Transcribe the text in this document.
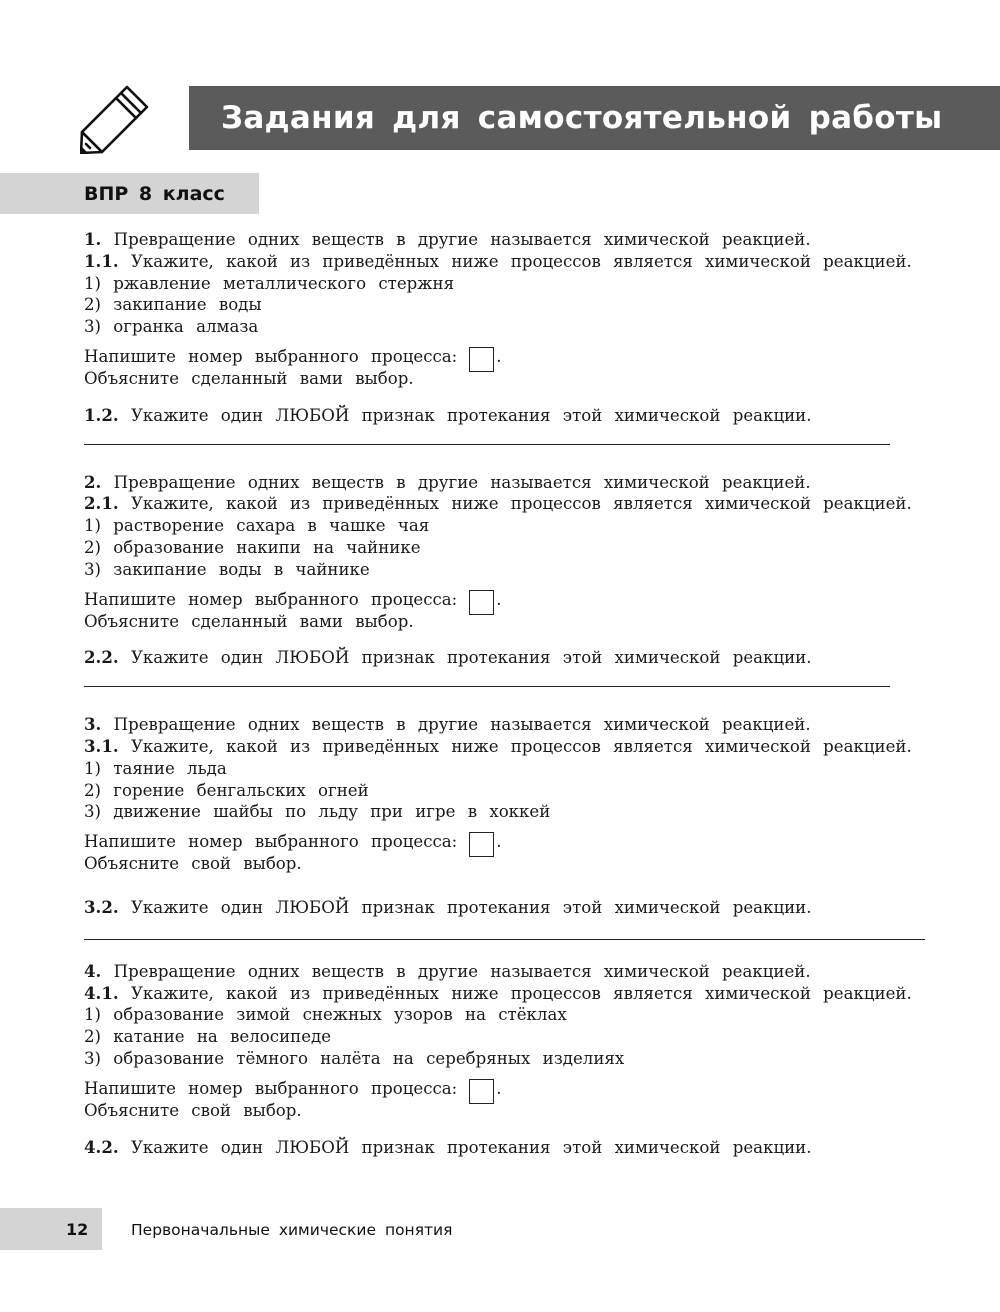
Задания для самостоятельной работы
ВПР 8 класс

1. Превращение одних веществ в другие называется химической реакцией.

1.1. Укажите, какой из приведённых ниже процессов является химической реакцией.

1) ржавление металлического стержня

2) закипание воды

3) огранка алмаза

Напишите номер выбранного процесса: .

Объясните сделанный вами выбор.

1.2. Укажите один ЛЮБОЙ признак протекания этой химической реакции.

2. Превращение одних веществ в другие называется химической реакцией.

2.1. Укажите, какой из приведённых ниже процессов является химической реакцией.

1) растворение сахара в чашке чая

2) образование накипи на чайнике

3) закипание воды в чайнике

Напишите номер выбранного процесса: .

Объясните сделанный вами выбор.

2.2. Укажите один ЛЮБОЙ признак протекания этой химической реакции.

3. Превращение одних веществ в другие называется химической реакцией.

3.1. Укажите, какой из приведённых ниже процессов является химической реакцией.

1) таяние льда

2) горение бенгальских огней

3) движение шайбы по льду при игре в хоккей

Напишите номер выбранного процесса: .

Объясните свой выбор.

3.2. Укажите один ЛЮБОЙ признак протекания этой химической реакции.

4. Превращение одних веществ в другие называется химической реакцией.

4.1. Укажите, какой из приведённых ниже процессов является химической реакцией.

1) образование зимой снежных узоров на стёклах

2) катание на велосипеде

3) образование тёмного налёта на серебряных изделиях

Напишите номер выбранного процесса: .

Объясните свой выбор.

4.2. Укажите один ЛЮБОЙ признак протекания этой химической реакции.

12	Первоначальные химические понятия
